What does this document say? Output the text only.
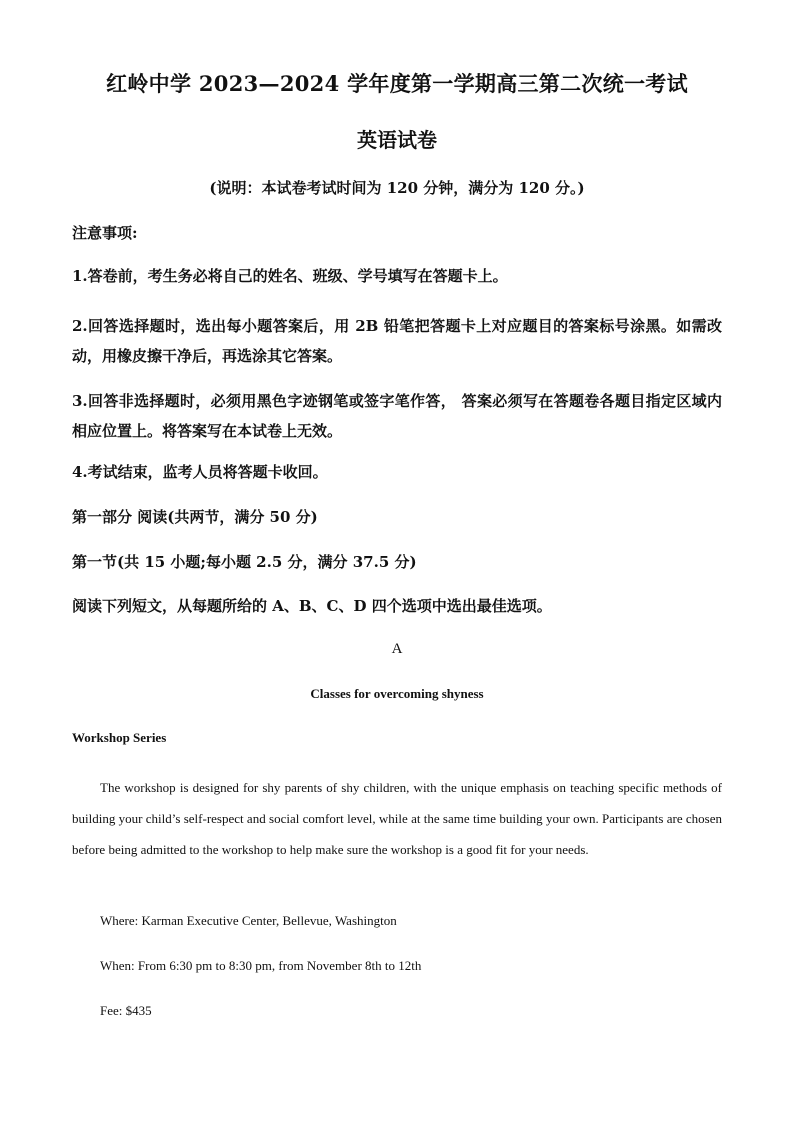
红岭中学 2023—2024 学年度第一学期高三第二次统一考试
英语试卷
(说明：本试卷考试时间为 120 分钟，满分为 120 分。)
注意事项:
1.答卷前，考生务必将自己的姓名、班级、学号填写在答题卡上。
2.回答选择题时，选出每小题答案后，用 2B 铅笔把答题卡上对应题目的答案标号涂黑。如需改动，用橡皮擦干净后，再选涂其它答案。
3.回答非选择题时，必须用黑色字迹钢笔或签字笔作答， 答案必须写在答题卷各题目指定区域内相应位置上。将答案写在本试卷上无效。
4.考试结束，监考人员将答题卡收回。
第一部分 阅读(共两节，满分 50 分)
第一节(共 15 小题;每小题 2.5 分，满分 37.5 分)
阅读下列短文，从每题所给的 A、B、C、D 四个选项中选出最佳选项。
A
Classes for overcoming shyness
Workshop Series
The workshop is designed for shy parents of shy children, with the unique emphasis on teaching specific methods of building your child’s self-respect and social comfort level, while at the same time building your own. Participants are chosen before being admitted to the workshop to help make sure the workshop is a good fit for your needs.
Where: Karman Executive Center, Bellevue, Washington
When: From 6:30 pm to 8:30 pm, from November 8th to 12th
Fee: $435
